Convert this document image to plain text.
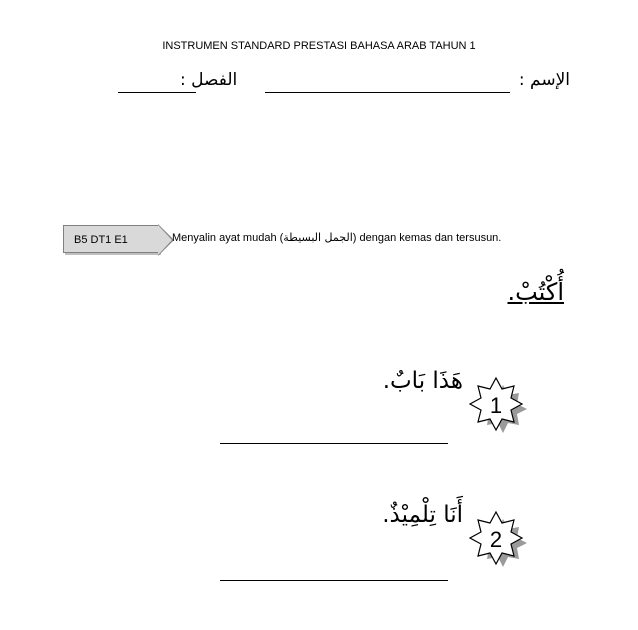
INSTRUMEN STANDARD PRESTASI BAHASA ARAB TAHUN 1
الإسم :
الفصل :
B5 DT1 E1	Menyalin ayat mudah (الجمل البسيطة) dengan kemas dan tersusun.
أُكْتُبْ.
1
هَذَا بَابٌ.
2
أَنَا تِلْمِيْذٌ.
